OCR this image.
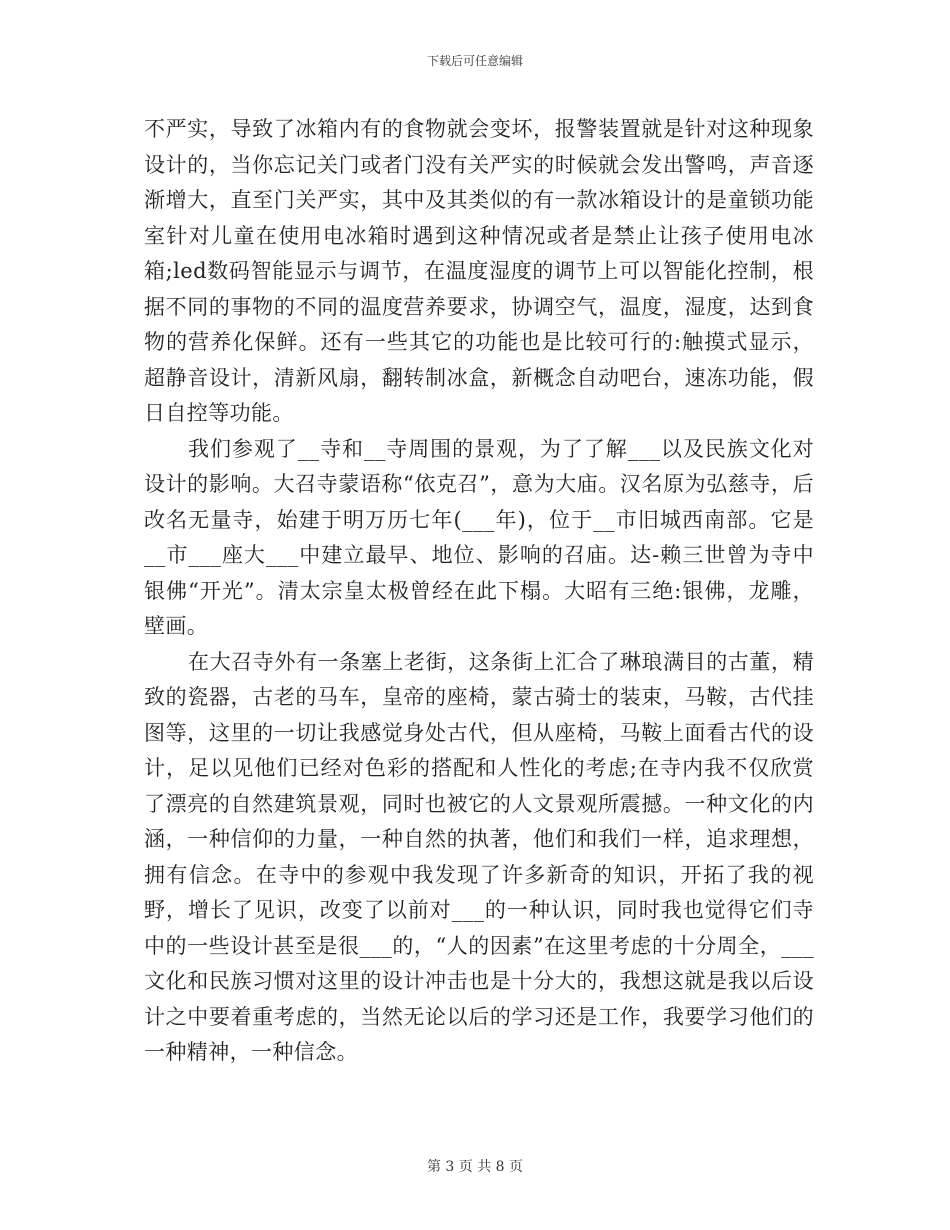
下载后可任意编辑

不严实，导致了冰箱内有的食物就会变坏，报警装置就是针对这种现象设计的，当你忘记关门或者门没有关严实的时候就会发出警鸣，声音逐渐增大，直至门关严实，其中及其类似的有一款冰箱设计的是童锁功能室针对儿童在使用电冰箱时遇到这种情况或者是禁止让孩子使用电冰箱;led数码智能显示与调节，在温度湿度的调节上可以智能化控制，根据不同的事物的不同的温度营养要求，协调空气，温度，湿度，达到食物的营养化保鲜。还有一些其它的功能也是比较可行的:触摸式显示，超静音设计，清新风扇，翻转制冰盒，新概念自动吧台，速冻功能，假日自控等功能。

我们参观了__寺和__寺周围的景观，为了了解___以及民族文化对设计的影响。大召寺蒙语称“依克召”，意为大庙。汉名原为弘慈寺，后改名无量寺，始建于明万历七年(___年)，位于__市旧城西南部。它是__市___座大___中建立最早、地位、影响的召庙。达-赖三世曾为寺中银佛“开光”。清太宗皇太极曾经在此下榻。大昭有三绝:银佛，龙雕，壁画。

在大召寺外有一条塞上老街，这条街上汇合了琳琅满目的古董，精致的瓷器，古老的马车，皇帝的座椅，蒙古骑士的装束，马鞍，古代挂图等，这里的一切让我感觉身处古代，但从座椅，马鞍上面看古代的设计，足以见他们已经对色彩的搭配和人性化的考虑;在寺内我不仅欣赏了漂亮的自然建筑景观，同时也被它的人文景观所震撼。一种文化的内涵，一种信仰的力量，一种自然的执著，他们和我们一样，追求理想，拥有信念。在寺中的参观中我发现了许多新奇的知识，开拓了我的视野，增长了见识，改变了以前对___的一种认识，同时我也觉得它们寺中的一些设计甚至是很___的，“人的因素”在这里考虑的十分周全，___文化和民族习惯对这里的设计冲击也是十分大的，我想这就是我以后设计之中要着重考虑的，当然无论以后的学习还是工作，我要学习他们的一种精神，一种信念。

第 3 页 共 8 页
